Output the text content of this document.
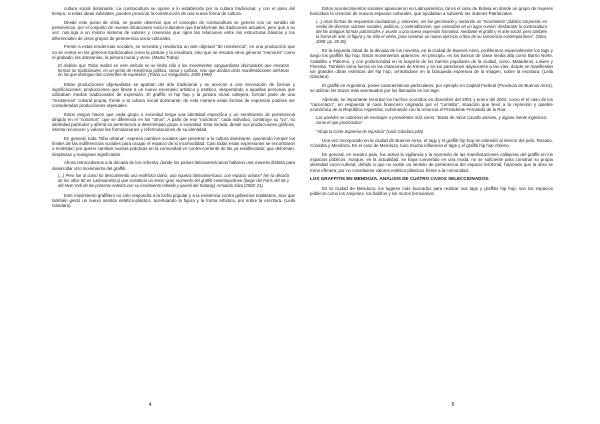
cultura social dominante. La contracultura se opone a lo establecido por la cultura tradicional, y con el paso del tiempo, si estas ideas subsisten, pueden provocar la construcción de una nueva forma de cultura.

Desde este punto de vista, se puede observar que el concepto de contracultura se genera con un sentido de pertenencia, por el conjunto de nuevas situaciones socio-culturales que transforman las tradiciones actuales; pero que a su vez, nos liga a un mismo sistema de valores y creencias que rigen las relaciones entre las estructuras básicas y los diferenciales de otros grupos de pertenencia socio-culturales.

Frente a estas tendencias sociales, se necesita y revaloriza un arte objetual "de resistencia", en una producción que no se centra en los géneros tradicionales como la pintura y la escultura, sino que se rescata otros géneros "menores" como el grabado, las artesanías, la pintura mural y otros. (Marta Traba)

El análisis que Traba realiza en este artículo no se limita sólo a los movimientos vanguardistas disimulados que rescatan formas no tradicionales, en un gesto de resistencia política, social y cultural, sino que analiza otras manifestaciones artísticas en las que distingue dos corrientes de expresión. (Traba, La Vanguardia, 1993-1998)

Estas producciones objetualistas se apartan del arte tradicional y se acercan a una renovación de formas y significaciones; producciones que llevan a un nuevo escenario artístico y estético, despertando a aquellas personas que utilizaban medios tradicionales de expresión. El graffiti, el hip hop y la pintura mural callejera, forman parte de una "resistencia" cultural propia, frente a la cultura social dominante; de esta manera estas formas de expresión podrían ser consideradas producciones objetuales.

Estos rasgos hacen que cada grupo o sociedad tenga una identidad específica y un sentimiento de pertenencia dirigido en el "nosotros", que se diferencia en los "otros". A partir de ese "nosotros", cada individuo, construye su "yo", su identidad particular y afirma su pertenencia a determinado grupo o sociedad. Esta mirada, desde sus producciones gráficas, intenta reconocer y valorar las formulaciones y reformulaciones de su identidad.

En general, toda "tribu urbana", expresa cambios sociales que penetran a la cultura dominante, queriendo romper los límites de las indiferencias sociales para ocupar el espacio de lo incomodidad. Casi todas estas expresiones se encontraron o molestan; por querer cambiar nuevas prácticas en la comunidad en contra-corriente de las ya establecidas; que deforman, desplazan y reasignan significados.

Ahora retrocedamos a la década de los ochenta, donde los países latinoamericanos hallaron una manera distinta para desarrollar otro movimiento del graffiti.

(...) Pero fue al como fui descubriendo una estilística latina, una riqueza latinoamericana, con espacio urbano" (en la década de los años 80 en Latinoamérica) que constituía un tercer gran momento del graffiti contemporáneo (luego del París del 68 y del New York de los primeros setenta con su movimiento rebelde y juvenil del Subway) Armando Silva (2008: 21)

Este movimiento graffitero no solo respondía a la lucha popular y a la existencia contra gobiernos totalitarios, sino que también gestó un nuevo sentido estético-plástico, acentuando la figura y la forma artística, por sobre la escritura. (Leila Gándara)

Estos acontecimientos sociales aparecieron en Latinoamérica, tal es el caso de Bolivia en donde un grupo de mujeres buscaban la creación de nuevos espacios culturales, que ayudaban a subvertir los órdenes Patriarcales.

(...) otras formas de respuestas ciudadanas y, entonces, así fue germinado y naciendo un "movimiento" plástico corporeal, en medio de diversas razones sociales, políticas, y contradictorias, que coincidían en un lugar común: desbaratar la contracultura del los antiguos formas patriarcales y asumir a una nueva expresión formativa, mediante el grafiti y el arte social, pero también la forma de arte, la figura y no sólo el verbo, para construir un nuevo ejercicio crítico de su conciencia contemporánea". (Silva, 2008: pp. 35-36)

En la segunda mitad de la década de los noventa, en la ciudad de Buenos Aires, proliferaron especialmente los tags y luego los graffitis hip hop. Estos movimientos aparecen, en principio, en los barrios de clase media alta como Barrio Norte, Caballito o Palermo, y con posterioridad en la mayoría de los barrios populares de la ciudad, como, Mataderos, Liniers y Floresta. También toma fuerza en las estaciones de trenes y en los paredones adyacentes a las vías, donde se manifiestan los grandes obras estéticas del hip hop; centrándose en la búsqueda expresiva de la imagen, sobre la escritura. (Leila Gándara)

El graffiti en Argentina, posee características particulares, por ejemplo en Capital Federal (Provincia de Buenos Aires), se utilizan los trazos más acentuados por los llamados en los tags.

Además, se importante recordar los hechos ocurridos en diciembre del 2001 y enero del 2002; como el el caso de los "cacerolazo", en respuesta al caos financiero originado por el "corralito", situación que llevó a la represión y quiebre económico de la República Argentina; culminando con la renuncia el Presidente Fernando de la Rúa.

Las paredes se cubrieron de mensajes a presidentes más como: "Basta de robos Cavallo asesino, y alguna mente ingeniosa; como el que proclamaba"

"Abajo la Corte Suprema de Injusticia" (Leila Gándara,p49)

Una vez incorporado en la ciudad de Buenos Aires, el tagy y el graffiti hip hop se extendió al interior del país. Rosario, Córdoba y Mendoza. En el caso de Mendoza, tuvo mucha influencia el tags y el graffiti hip hop chileno.

En general, en nuestro país, fue activa la vigilancia y la represión de las manifestaciones callejeras del graffiti en los espacios públicos. Aunque, en la actualidad, se haya convertido en una moda, no se suficiente para construir su propia identidad socio-cultural; debido a que no existe un sentido de pertenencia del espacio territorial, haciendo que la obra se torne efímera, por no constituirse valores estético plásticos frente a la comunidad.

LOS GRAFFITIS EN MENDOZA. ANÁLISIS DE CUATRO CASOS SELECCIONADOS.

En la ciudad de Mendoza, los lugares más buscados para realizar sus tags y graffitis hip hop, son los espacios públicos como los zanjones, los baldíos y los muros ferroviarios.

4	5
